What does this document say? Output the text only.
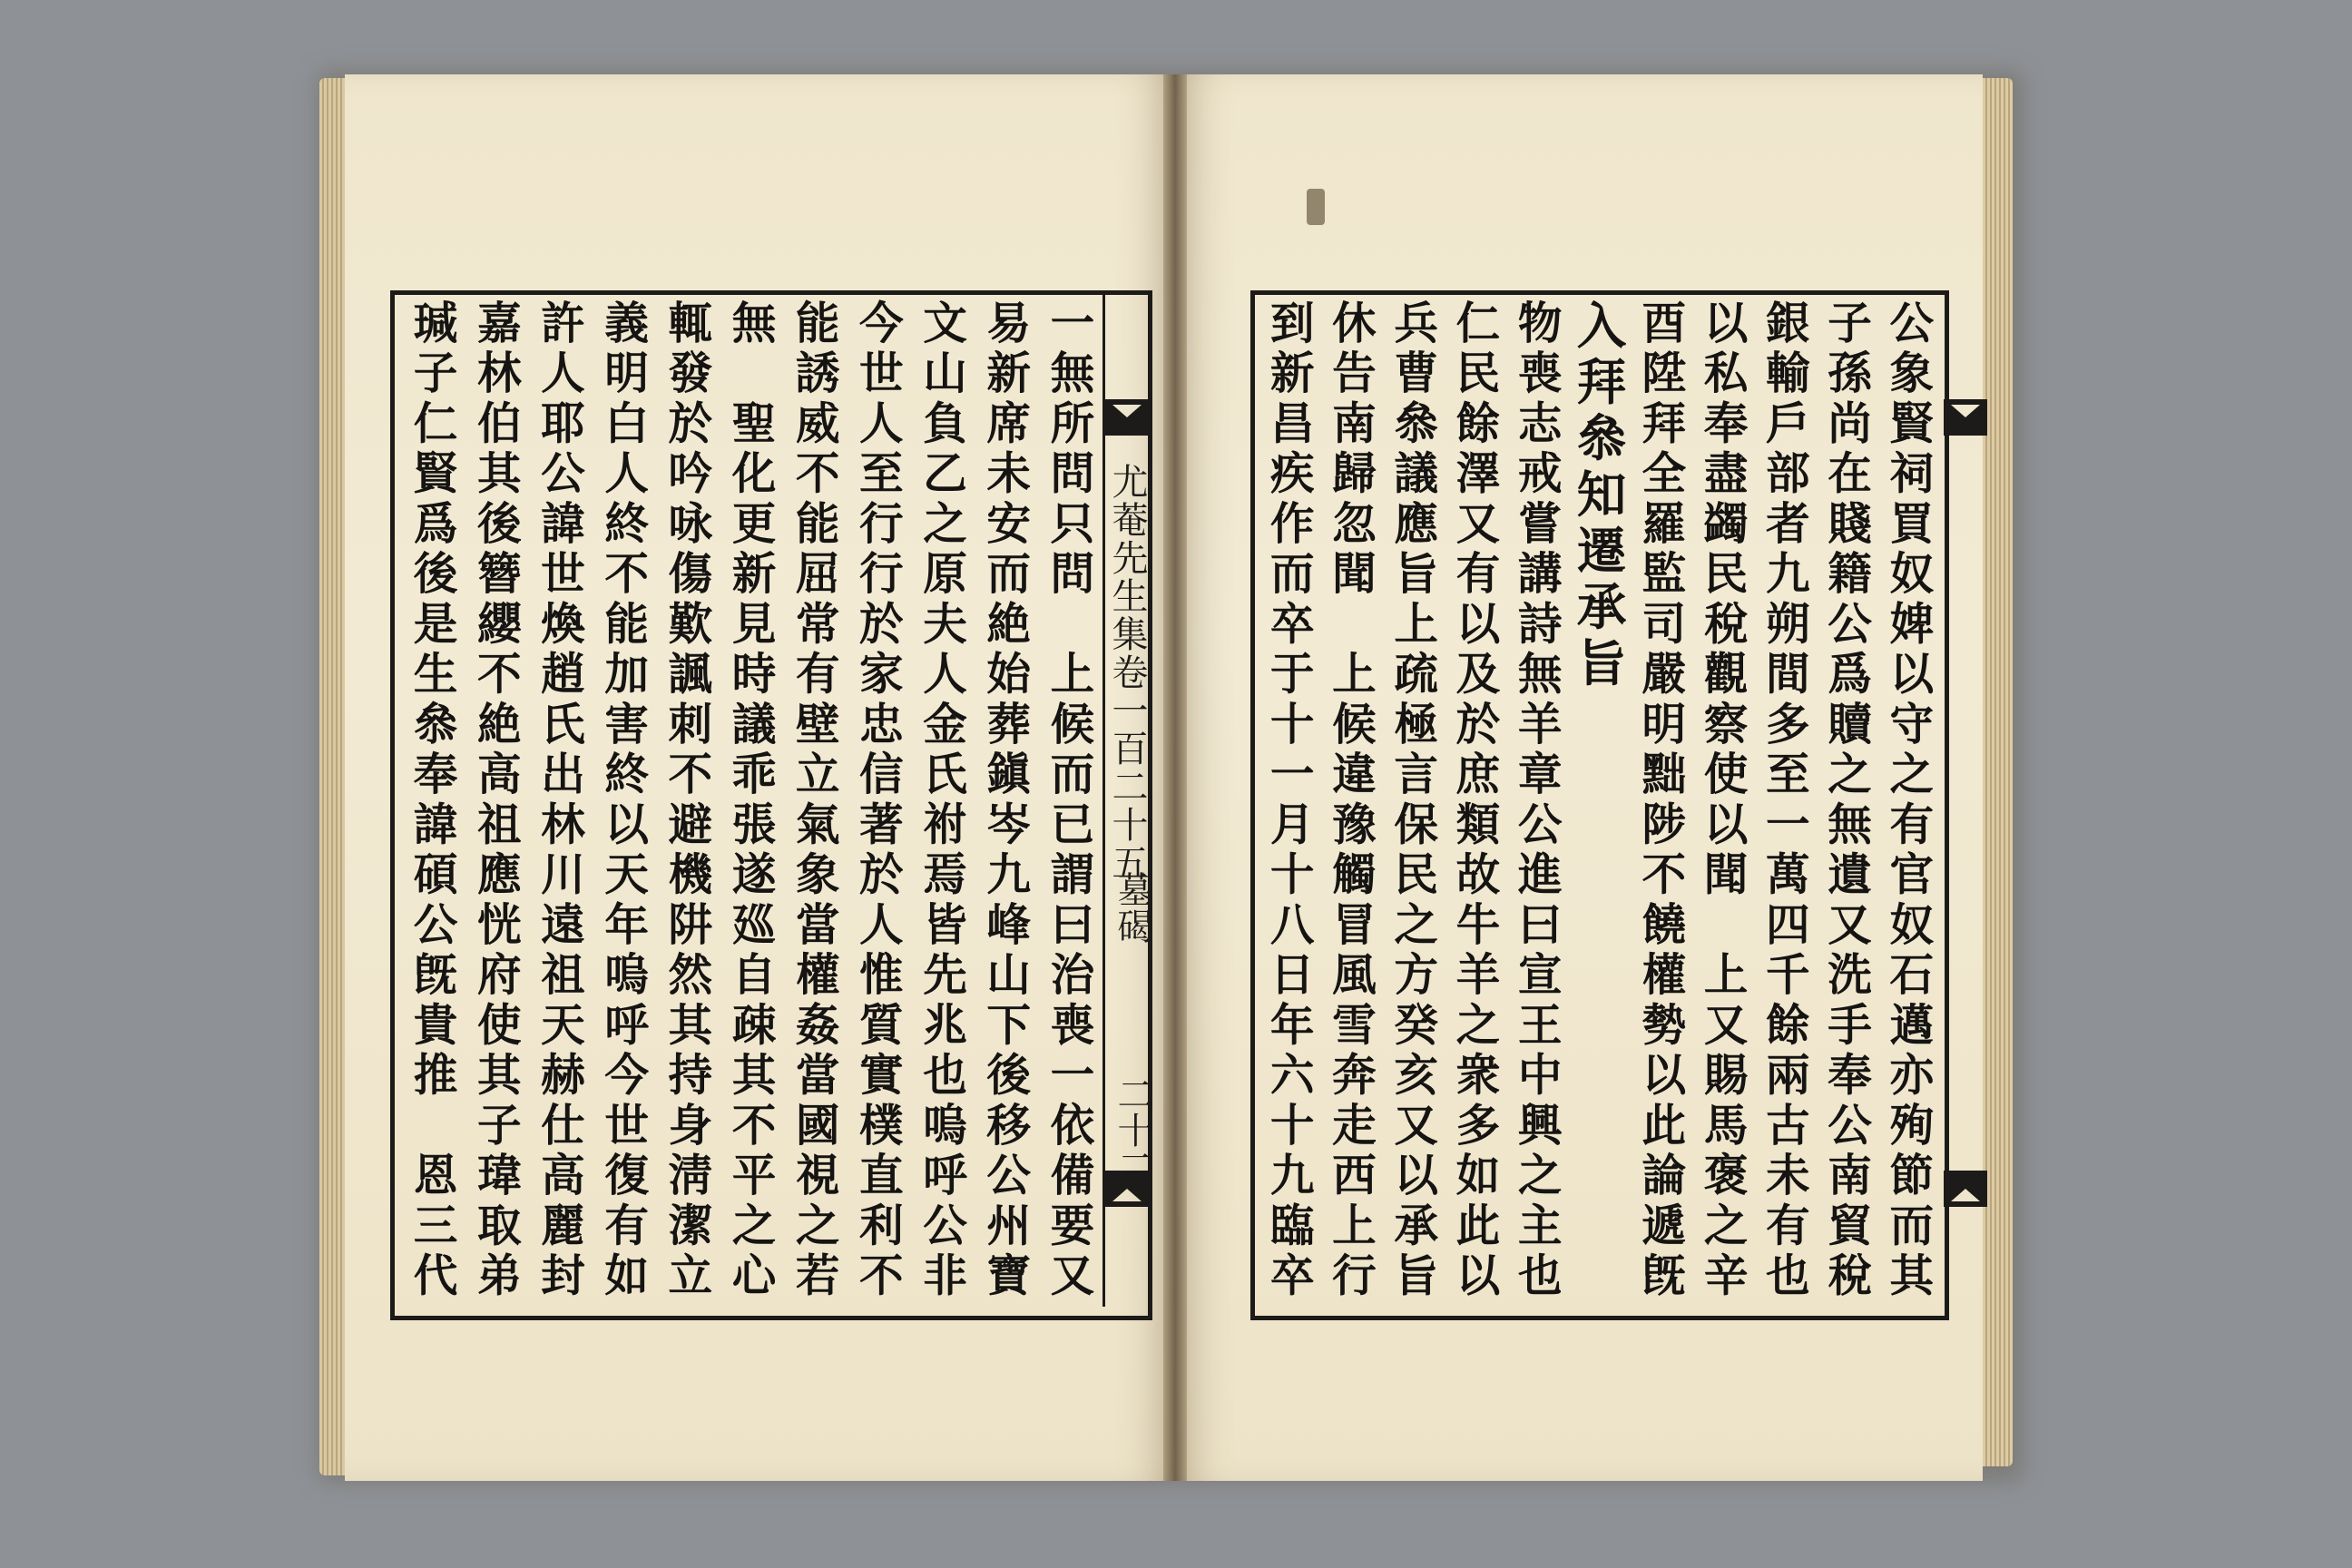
一無所問只問　上候而已謂曰治喪一依備要又
易新席未安而絶始葬鎭岑九峰山下後移公州寶
文山負乙之原夫人金氏祔焉皆先兆也嗚呼公非
今世人至行行於家忠信著於人惟質實樸直利不
能誘威不能屈常有壁立氣象當權姦當國視之若
無　聖化更新見時議乖張遂廵自疎其不平之心
輒發於吟咏傷歎諷刺不避機阱然其持身淸潔立
義明白人終不能加害終以天年嗚呼今世復有如
許人耶公諱世煥趙氏出林川遠祖天赫仕高麗封
嘉林伯其後簪纓不絶高祖應恍府使其子瑋取弟
瑊子仁賢爲後是生叅奉諱碩公旣貴推　恩三代	尤菴先生集卷一百二十五
墓碣
二十二	公象賢祠買奴婢以守之有官奴石邁亦殉節而其
子孫尚在賤籍公爲贖之無遺又洗手奉公南貿稅
銀輸戶部者九朔間多至一萬四千餘兩古未有也
以私奉盡蠲民稅觀察使以聞　上又賜馬褒之辛
酉陞拜全羅監司嚴明黜陟不饒權勢以此論遞旣
入拜叅知遷承旨
物喪志戒嘗講詩無羊章公進曰宣王中興之主也
仁民餘澤又有以及於庶類故牛羊之衆多如此以
兵曹叅議應旨上疏極言保民之方癸亥又以承旨
休告南歸忽聞　上候違豫觸冒風雪奔走西上行
到新昌疾作而卒于十一月十八日年六十九臨卒
